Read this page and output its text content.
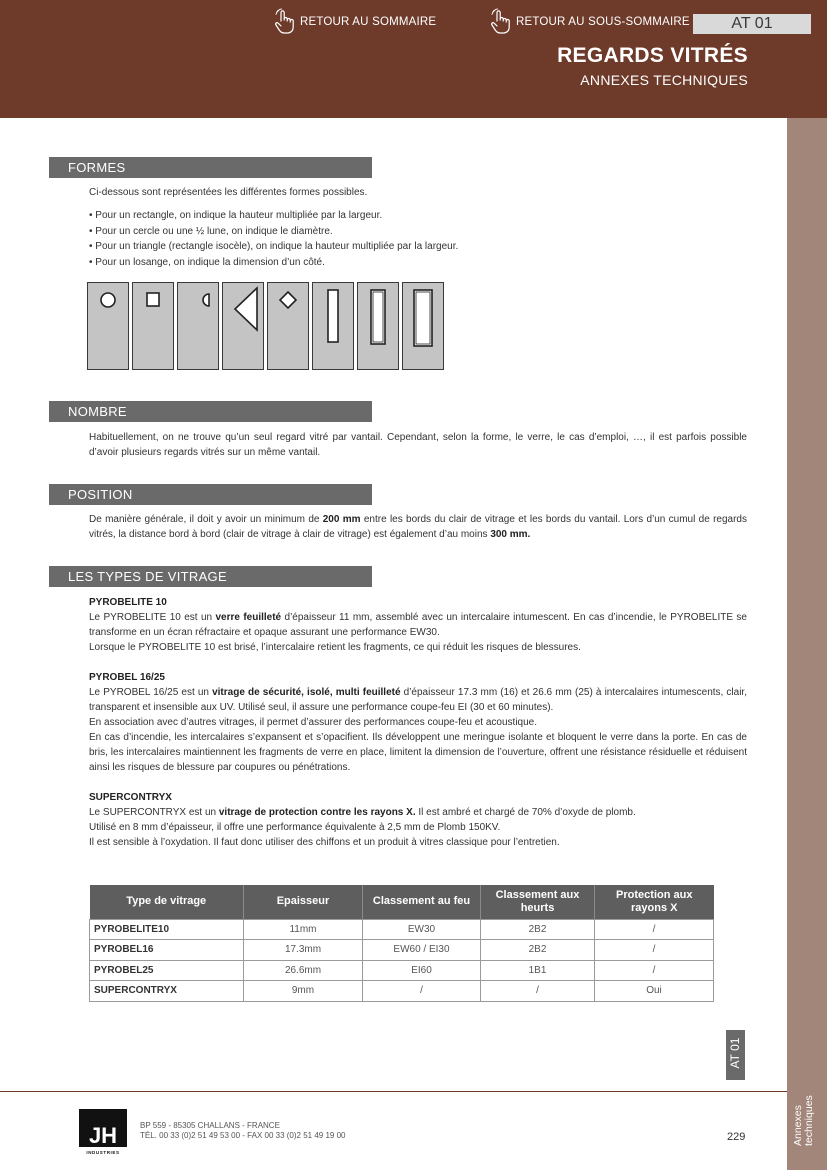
RETOUR AU SOMMAIRE	RETOUR AU SOUS-SOMMAIRE	AT 01
REGARDS VITRÉS
ANNEXES TECHNIQUES
Annexes techniques
FORMES
Ci-dessous sont représentées les différentes formes possibles.
• Pour un rectangle, on indique la hauteur multipliée par la largeur.
• Pour un cercle ou une ½ lune, on indique le diamètre.
• Pour un triangle (rectangle isocèle), on indique la hauteur multipliée par la largeur.
• Pour un losange, on indique la dimension d’un côté.
NOMBRE
Habituellement, on ne trouve qu’un seul regard vitré par vantail. Cependant, selon la forme, le verre, le cas d’emploi, …, il est parfois possible d’avoir plusieurs regards vitrés sur un même vantail.
POSITION
De manière générale, il doit y avoir un minimum de 200 mm entre les bords du clair de vitrage et les bords du vantail. Lors d’un cumul de regards vitrés, la distance bord à bord (clair de vitrage à clair de vitrage) est également d’au moins 300 mm.
LES TYPES DE VITRAGE
PYROBELITE 10
Le PYROBELITE 10 est un verre feuilleté d’épaisseur 11 mm, assemblé avec un intercalaire intumescent. En cas d’incendie, le PYROBELITE se transforme en un écran réfractaire et opaque assurant une performance EW30.
Lorsque le PYROBELITE 10 est brisé, l’intercalaire retient les fragments, ce qui réduit les risques de blessures.
PYROBEL 16/25
Le PYROBEL 16/25 est un vitrage de sécurité, isolé, multi feuilleté d’épaisseur 17.3 mm (16) et 26.6 mm (25) à intercalaires intumescents, clair, transparent et insensible aux UV. Utilisé seul, il assure une performance coupe-feu EI (30 et 60 minutes).
En association avec d’autres vitrages, il permet d’assurer des performances coupe-feu et acoustique.
En cas d’incendie, les intercalaires s’expansent et s’opacifient. Ils développent une meringue isolante et bloquent le verre dans la porte. En cas de bris, les intercalaires maintiennent les fragments de verre en place, limitent la dimension de l’ouverture, offrent une résistance résiduelle et réduisent ainsi les risques de blessure par coupures ou pénétrations.
SUPERCONTRYX
Le SUPERCONTRYX est un vitrage de protection contre les rayons X. Il est ambré et chargé de 70% d’oxyde de plomb.
Utilisé en 8 mm d’épaisseur, il offre une performance équivalente à 2,5 mm de Plomb 150KV.
Il est sensible à l’oxydation. Il faut donc utiliser des chiffons et un produit à vitres classique pour l’entretien.
Type de vitrage	Epaisseur	Classement au feu	Classement aux heurts	Protection aux rayons X
PYROBELITE10	11mm	EW30	2B2	/
PYROBEL16	17.3mm	EW60 / EI30	2B2	/
PYROBEL25	26.6mm	EI60	1B1	/
SUPERCONTRYX	9mm	/	/	Oui
AT 01
JH
INDUSTRIES
BP 559 - 85305 CHALLANS - FRANCE
TÉL. 00 33 (0)2 51 49 53 00 - FAX 00 33 (0)2 51 49 19 00	229
